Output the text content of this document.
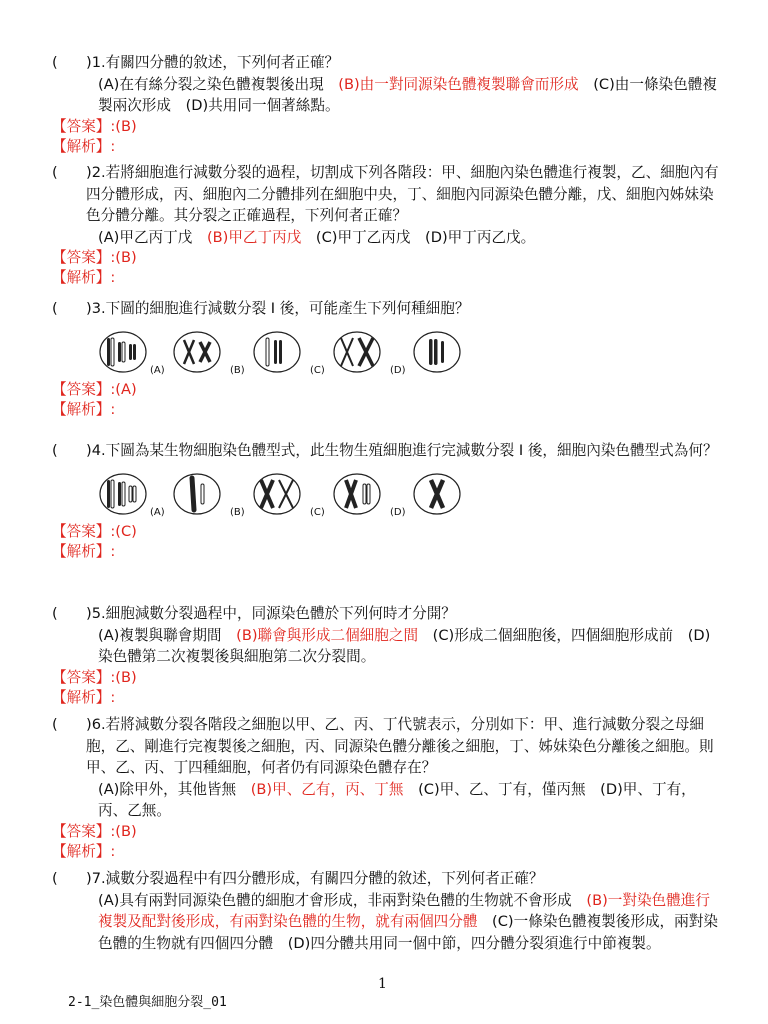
( )1.有關四分體的敘述，下列何者正確？
(A)在有絲分裂之染色體複製後出現　(B)由一對同源染色體複製聯會而形成　(C)由一條染色體複製兩次形成　(D)共用同一個著絲點。
【答案】:(B)
【解析】:
( )2.若將細胞進行減數分裂的過程，切割成下列各階段：甲、細胞內染色體進行複製，乙、細胞內有四分體形成，丙、細胞內二分體排列在細胞中央，丁、細胞內同源染色體分離，戊、細胞內姊妹染色分體分離。其分裂之正確過程，下列何者正確？
(A)甲乙丙丁戊　(B)甲乙丁丙戊　(C)甲丁乙丙戊　(D)甲丁丙乙戊。
【答案】:(B)
【解析】:
( )3.下圖的細胞進行減數分裂 I 後，可能產生下列何種細胞？
(A)	(B)	(C)	(D)
【答案】:(A)
【解析】:
( )4.下圖為某生物細胞染色體型式，此生物生殖細胞進行完減數分裂 I 後，細胞內染色體型式為何？
(A)	(B)	(C)	(D)
【答案】:(C)
【解析】:
( )5.細胞減數分裂過程中，同源染色體於下列何時才分開？
(A)複製與聯會期間　(B)聯會與形成二個細胞之間　(C)形成二個細胞後，四個細胞形成前　(D)染色體第二次複製後與細胞第二次分裂間。
【答案】:(B)
【解析】:
( )6.若將減數分裂各階段之細胞以甲、乙、丙、丁代號表示，分別如下：甲、進行減數分裂之母細胞，乙、剛進行完複製後之細胞，丙、同源染色體分離後之細胞，丁、姊妹染色分離後之細胞。則甲、乙、丙、丁四種細胞，何者仍有同源染色體存在？
(A)除甲外，其他皆無　(B)甲、乙有，丙、丁無　(C)甲、乙、丁有，僅丙無　(D)甲、丁有，丙、乙無。
【答案】:(B)
【解析】:
( )7.減數分裂過程中有四分體形成，有關四分體的敘述，下列何者正確？
(A)具有兩對同源染色體的細胞才會形成，非兩對染色體的生物就不會形成　(B)一對染色體進行複製及配對後形成，有兩對染色體的生物，就有兩個四分體　(C)一條染色體複製後形成，兩對染色體的生物就有四個四分體　(D)四分體共用同一個中節，四分體分裂須進行中節複製。
1
2-1_染色體與細胞分裂_01
